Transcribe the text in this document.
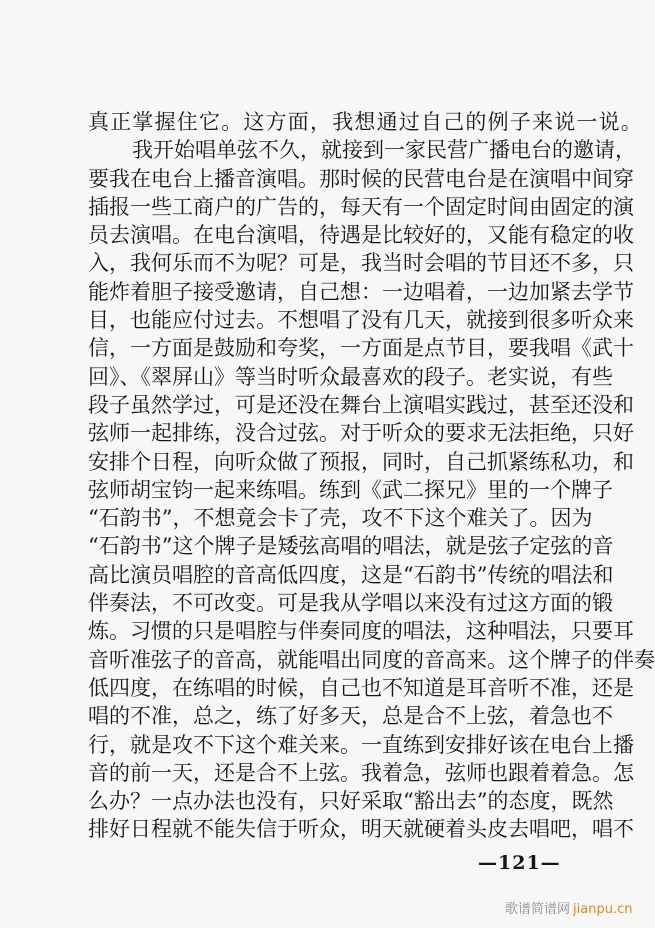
真正掌握住它。这方面，我想通过自己的例子来说一说。
我开始唱单弦不久，就接到一家民营广播电台的邀请，
要我在电台上播音演唱。那时候的民营电台是在演唱中间穿
插报一些工商户的广告的，每天有一个固定时间由固定的演
员去演唱。在电台演唱，待遇是比较好的，又能有稳定的收
入，我何乐而不为呢？可是，我当时会唱的节目还不多，只
能炸着胆子接受邀请，自己想：一边唱着，一边加紧去学节
目，也能应付过去。不想唱了没有几天，就接到很多听众来
信，一方面是鼓励和夸奖，一方面是点节目，要我唱《武十
回》、《翠屏山》等当时听众最喜欢的段子。老实说，有些
段子虽然学过，可是还没在舞台上演唱实践过，甚至还没和
弦师一起排练，没合过弦。对于听众的要求无法拒绝，只好
安排个日程，向听众做了预报，同时，自己抓紧练私功，和
弦师胡宝钧一起来练唱。练到《武二探兄》里的一个牌子
“石韵书”，不想竟会卡了壳，攻不下这个难关了。因为
“石韵书”这个牌子是矮弦高唱的唱法，就是弦子定弦的音
高比演员唱腔的音高低四度，这是“石韵书”传统的唱法和
伴奏法，不可改变。可是我从学唱以来没有过这方面的锻
炼。习惯的只是唱腔与伴奏同度的唱法，这种唱法，只要耳
音听准弦子的音高，就能唱出同度的音高来。这个牌子的伴奏
低四度，在练唱的时候，自己也不知道是耳音听不准，还是
唱的不准，总之，练了好多天，总是合不上弦，着急也不
行，就是攻不下这个难关来。一直练到安排好该在电台上播
音的前一天，还是合不上弦。我着急，弦师也跟着着急。怎
么办？一点办法也没有，只好采取“豁出去”的态度，既然
排好日程就不能失信于听众，明天就硬着头皮去唱吧，唱不
—121—
歌谱简谱网 jianpu.cn
